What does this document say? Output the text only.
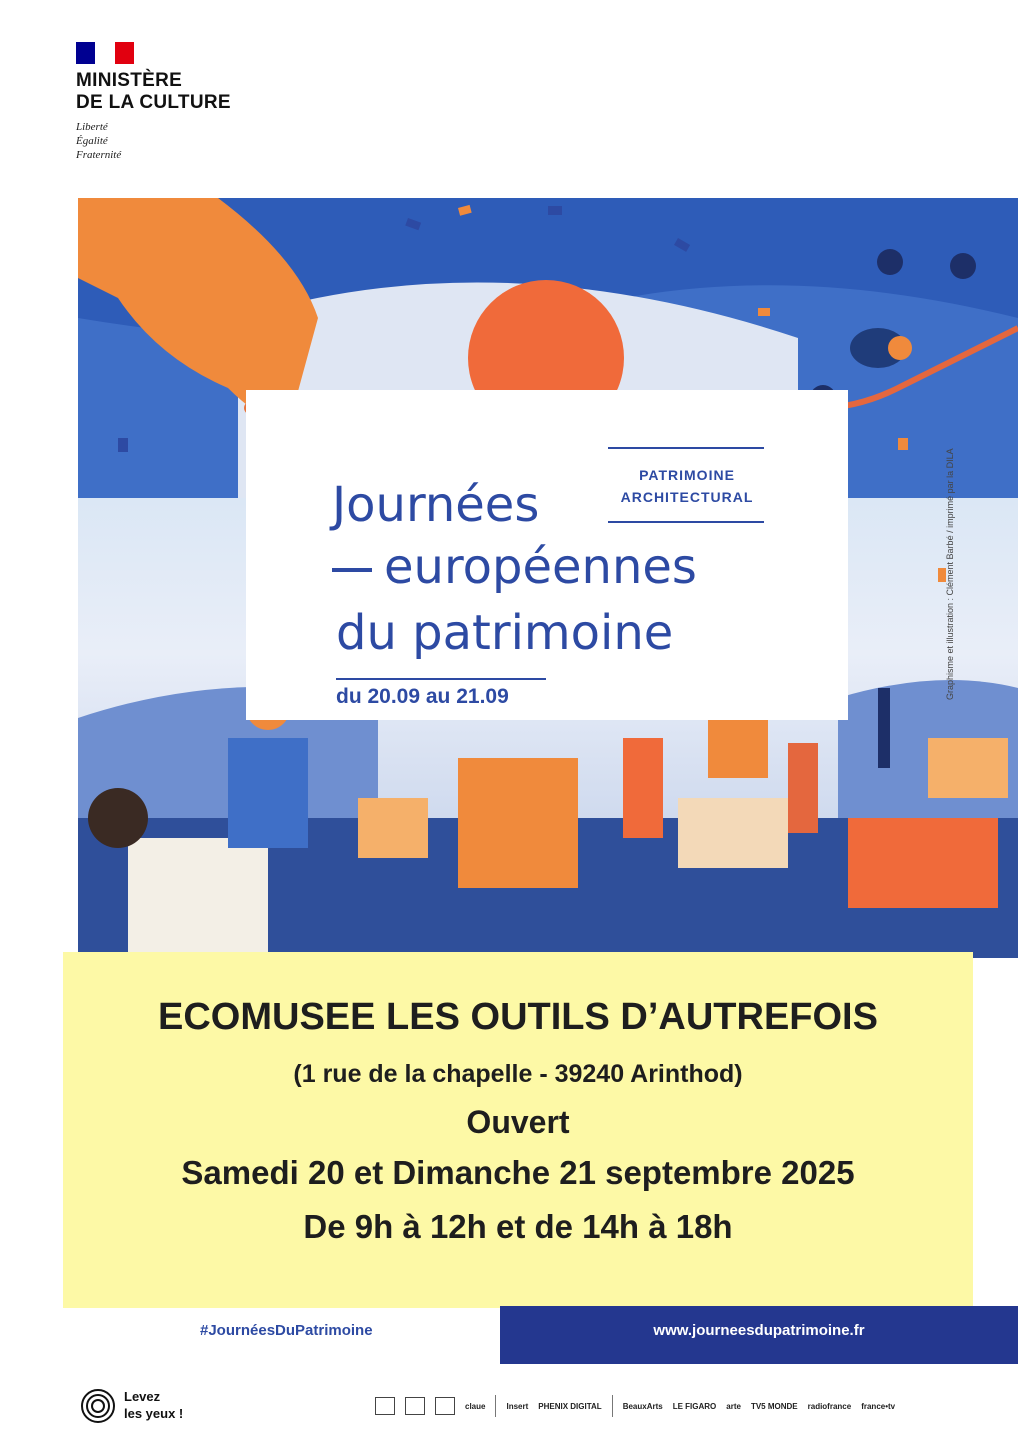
MINISTÈRE
DE LA CULTURE
Liberté
Égalité
Fraternité
Graphisme et illustration : Clément Barbé / imprimé par la DILA
PATRIMOINE
ARCHITECTURAL
Journées
européennes
du patrimoine
du 20.09 au 21.09
ECOMUSEE LES OUTILS D’AUTREFOIS
(1 rue de la chapelle - 39240 Arinthod)
Ouvert
Samedi 20 et Dimanche 21 septembre 2025
De 9h à 12h et de 14h à 18h
#JournéesDuPatrimoine	www.journeesdupatrimoine.fr
Levez
les yeux !	claue	Insert PHENIX DIGITAL	BeauxArts LE FIGARO arte TV5 MONDE radiofrance france•tv
